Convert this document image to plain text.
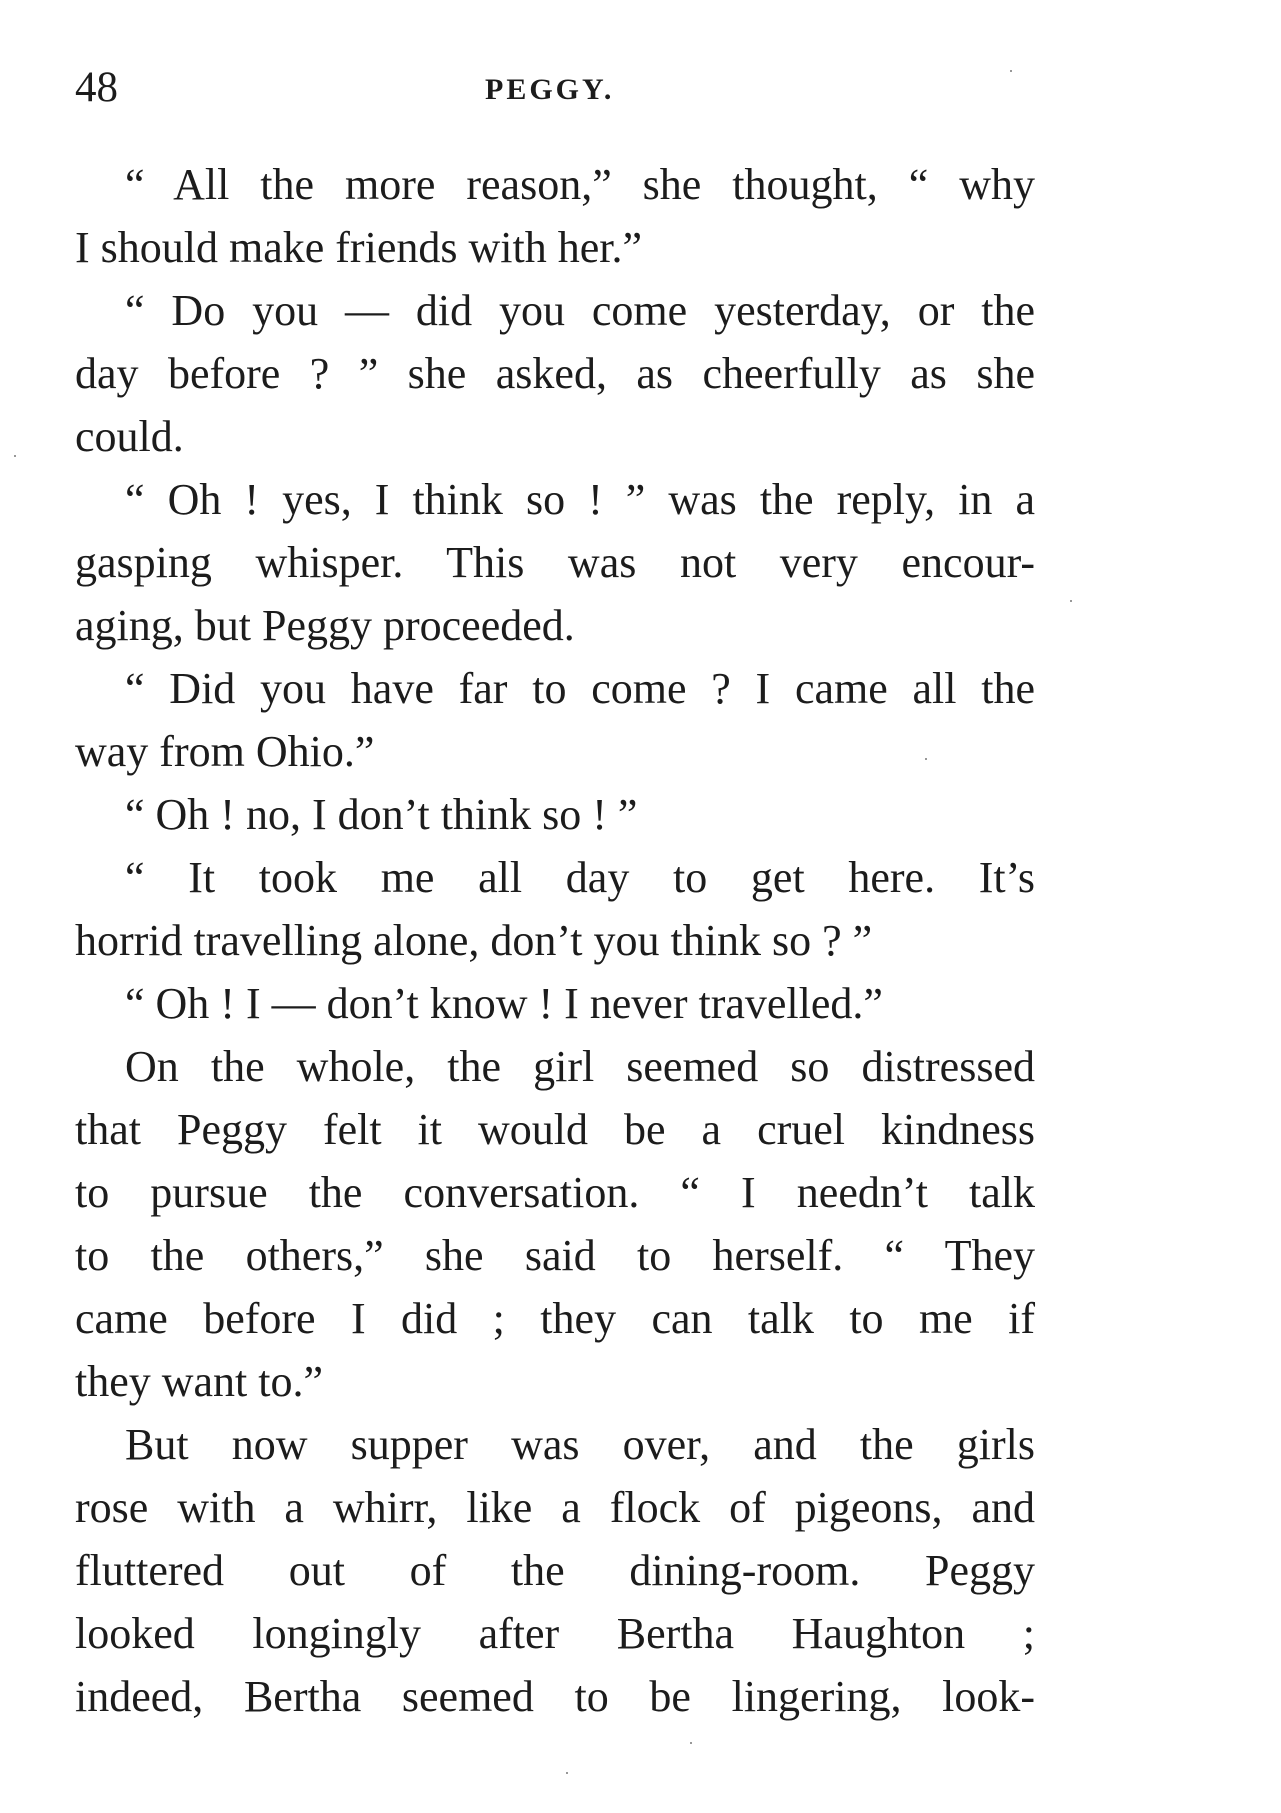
48	PEGGY.
“ All the more reason,” she thought, “ why
I should make friends with her.”
“ Do you — did you come yesterday, or the
day before ? ” she asked, as cheerfully as she
could.
“ Oh ! yes, I think so ! ” was the reply, in a
gasping whisper. This was not very encour-
aging, but Peggy proceeded.
“ Did you have far to come ? I came all the
way from Ohio.”
“ Oh ! no, I don’t think so ! ”
“ It took me all day to get here. It’s
horrid travelling alone, don’t you think so ? ”
“ Oh ! I — don’t know ! I never travelled.”
On the whole, the girl seemed so distressed
that Peggy felt it would be a cruel kindness
to pursue the conversation. “ I needn’t talk
to the others,” she said to herself. “ They
came before I did ; they can talk to me if
they want to.”
But now supper was over, and the girls
rose with a whirr, like a flock of pigeons, and
fluttered out of the dining-room. Peggy
looked longingly after Bertha Haughton ;
indeed, Bertha seemed to be lingering, look-
